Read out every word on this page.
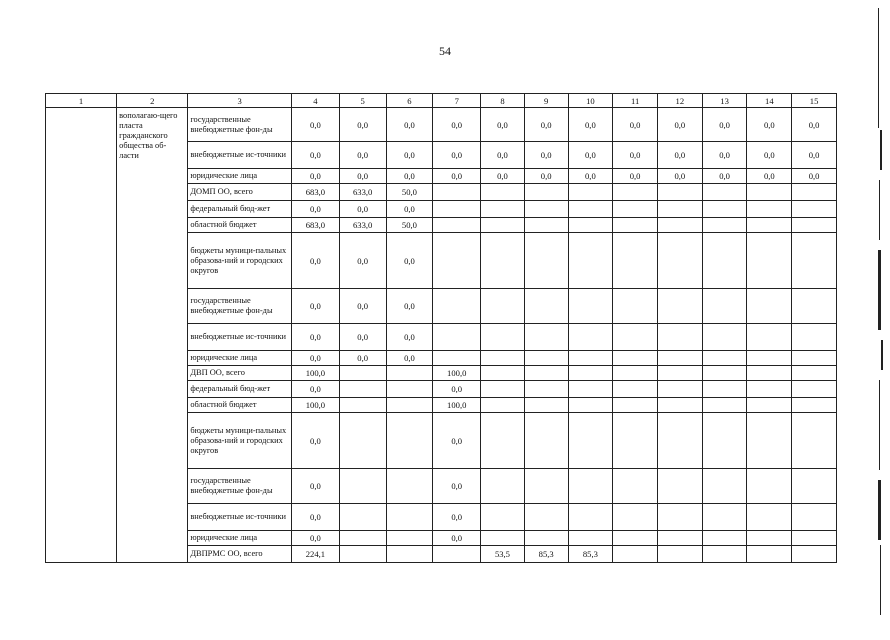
54
1	2	3	4	5	6	7	8	9	10	11	12	13	14	15
	вополагаю-щего пласта гражданского общества об-ласти	государственные внебюджетные фон-ды	0,0	0,0	0,0	0,0	0,0	0,0	0,0	0,0	0,0	0,0	0,0	0,0
		внебюджетные ис-точники	0,0	0,0	0,0	0,0	0,0	0,0	0,0	0,0	0,0	0,0	0,0	0,0
		юридические лица	0,0	0,0	0,0	0,0	0,0	0,0	0,0	0,0	0,0	0,0	0,0	0,0
		ДОМП ОО, всего	683,0	633,0	50,0									
		федеральный бюд-жет	0,0	0,0	0,0									
		областной бюджет	683,0	633,0	50,0									
		бюджеты муници-пальных образова-ний и городских округов	0,0	0,0	0,0									
		государственные внебюджетные фон-ды	0,0	0,0	0,0									
		внебюджетные ис-точники	0,0	0,0	0,0									
		юридические лица	0,0	0,0	0,0									
		ДВП ОО, всего	100,0			100,0								
		федеральный бюд-жет	0,0			0,0								
		областной бюджет	100,0			100,0								
		бюджеты муници-пальных образова-ний и городских округов	0,0			0,0								
		государственные внебюджетные фон-ды	0,0			0,0								
		внебюджетные ис-точники	0,0			0,0								
		юридические лица	0,0			0,0								
		ДВПРМС ОО, всего	224,1				53,5	85,3	85,3					
